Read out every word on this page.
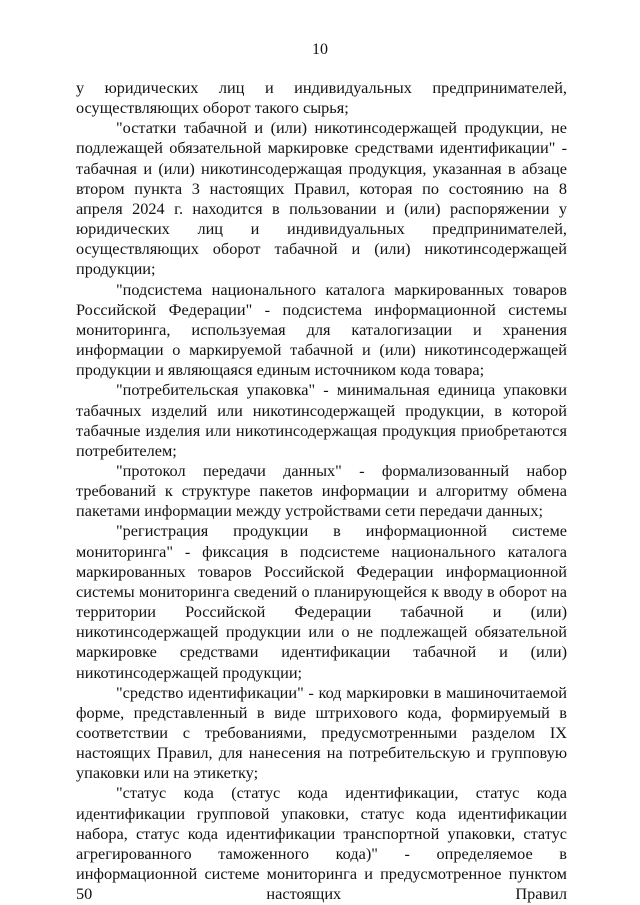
10

у юридических лиц и индивидуальных предпринимателей, осуществляющих оборот такого сырья;

"остатки табачной и (или) никотинсодержащей продукции, не подлежащей обязательной маркировке средствами идентификации" - табачная и (или) никотинсодержащая продукция, указанная в абзаце втором пункта 3 настоящих Правил, которая по состоянию на 8 апреля 2024 г. находится в пользовании и (или) распоряжении у юридических лиц и индивидуальных предпринимателей, осуществляющих оборот табачной и (или) никотинсодержащей продукции;

"подсистема национального каталога маркированных товаров Российской Федерации" - подсистема информационной системы мониторинга, используемая для каталогизации и хранения информации о маркируемой табачной и (или) никотинсодержащей продукции и являющаяся единым источником кода товара;

"потребительская упаковка" - минимальная единица упаковки табачных изделий или никотинсодержащей продукции, в которой табачные изделия или никотинсодержащая продукция приобретаются потребителем;

"протокол передачи данных" - формализованный набор требований к структуре пакетов информации и алгоритму обмена пакетами информации между устройствами сети передачи данных;

"регистрация продукции в информационной системе мониторинга" - фиксация в подсистеме национального каталога маркированных товаров Российской Федерации информационной системы мониторинга сведений о планирующейся к вводу в оборот на территории Российской Федерации табачной и (или) никотинсодержащей продукции или о не подлежащей обязательной маркировке средствами идентификации табачной и (или) никотинсодержащей продукции;

"средство идентификации" - код маркировки в машиночитаемой форме, представленный в виде штрихового кода, формируемый в соответствии с требованиями, предусмотренными разделом IX настоящих Правил, для нанесения на потребительскую и групповую упаковки или на этикетку;

"статус кода (статус кода идентификации, статус кода идентификации групповой упаковки, статус кода идентификации набора, статус кода идентификации транспортной упаковки, статус агрегированного таможенного кода)" - определяемое в информационной системе мониторинга и предусмотренное пунктом 50 настоящих Правил
